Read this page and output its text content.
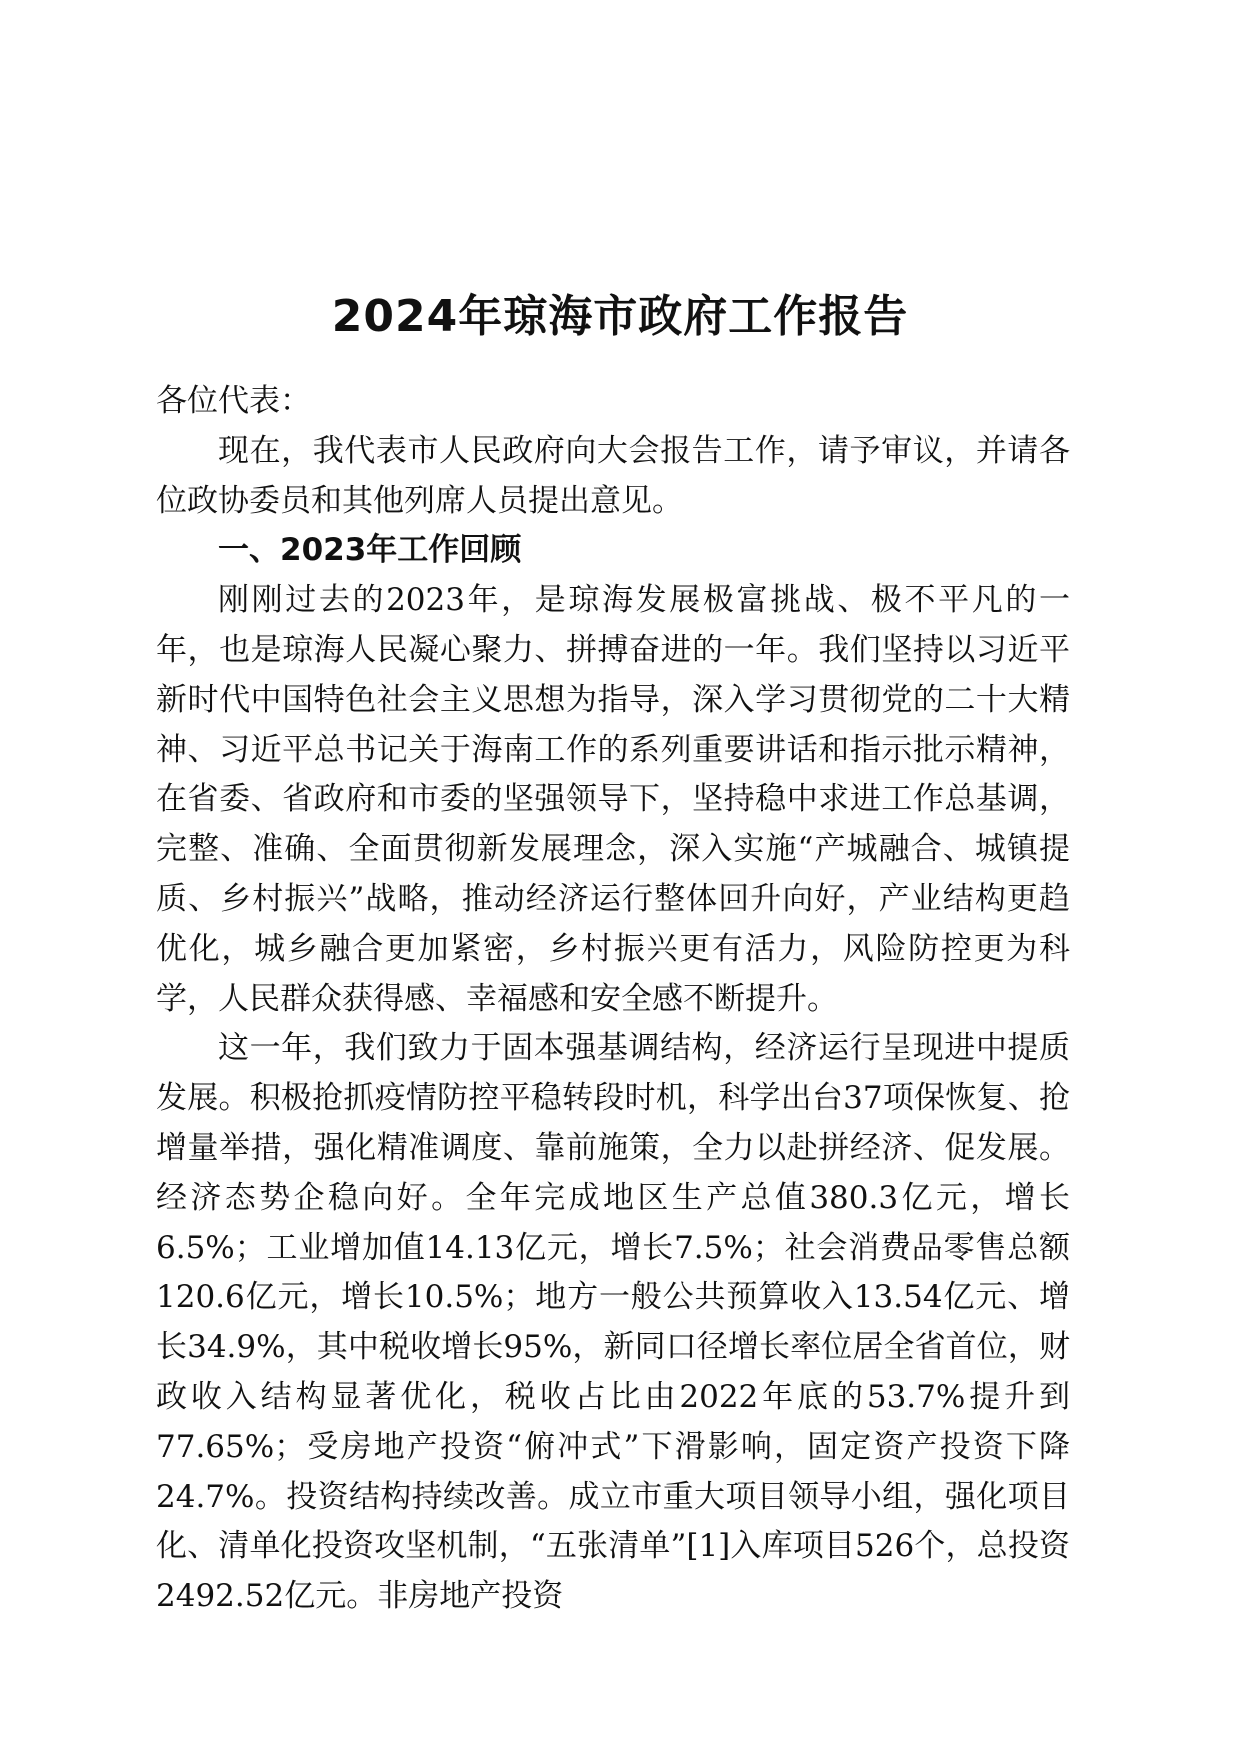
2024年琼海市政府工作报告

各位代表：

现在，我代表市人民政府向大会报告工作，请予审议，并请各位政协委员和其他列席人员提出意见。

一、2023年工作回顾

刚刚过去的2023年，是琼海发展极富挑战、极不平凡的一年，也是琼海人民凝心聚力、拼搏奋进的一年。我们坚持以习近平新时代中国特色社会主义思想为指导，深入学习贯彻党的二十大精神、习近平总书记关于海南工作的系列重要讲话和指示批示精神，在省委、省政府和市委的坚强领导下，坚持稳中求进工作总基调，完整、准确、全面贯彻新发展理念，深入实施“产城融合、城镇提质、乡村振兴”战略，推动经济运行整体回升向好，产业结构更趋优化，城乡融合更加紧密，乡村振兴更有活力，风险防控更为科学，人民群众获得感、幸福感和安全感不断提升。

这一年，我们致力于固本强基调结构，经济运行呈现进中提质发展。积极抢抓疫情防控平稳转段时机，科学出台37项保恢复、抢增量举措，强化精准调度、靠前施策，全力以赴拼经济、促发展。经济态势企稳向好。全年完成地区生产总值380.3亿元，增长6.5%；工业增加值14.13亿元，增长7.5%；社会消费品零售总额120.6亿元，增长10.5%；地方一般公共预算收入13.54亿元、增长34.9%，其中税收增长95%，新同口径增长率位居全省首位，财政收入结构显著优化，税收占比由2022年底的53.7%提升到77.65%；受房地产投资“俯冲式”下滑影响，固定资产投资下降24.7%。投资结构持续改善。成立市重大项目领导小组，强化项目化、清单化投资攻坚机制，“五张清单”[1]入库项目526个，总投资2492.52亿元。非房地产投资
